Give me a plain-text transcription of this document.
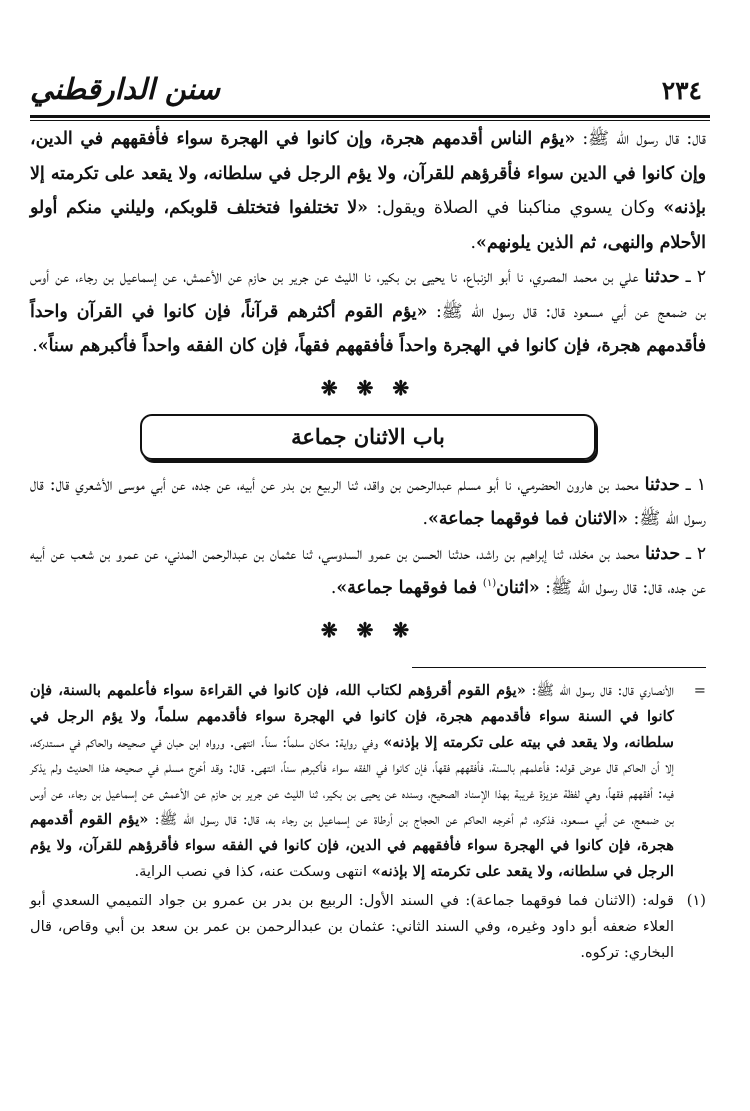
٢٣٤
سنن الدارقطني

قال: قال رسول الله ﷺ: «يؤم الناس أقدمهم هجرة، وإن كانوا في الهجرة سواء فأفقههم في الدين، وإن كانوا في الدين سواء فأقرؤهم للقرآن، ولا يؤم الرجل في سلطانه، ولا يقعد على تكرمته إلا بإذنه» وكان يسوي مناكبنا في الصلاة ويقول: «لا تختلفوا فتختلف قلوبكم، وليلني منكم أولو الأحلام والنهى، ثم الذين يلونهم».

٢ ـ حدثنا علي بن محمد المصري، نا أبو الزنباع، نا يحيى بن بكير، نا الليث عن جرير بن حازم عن الأعمش، عن إسماعيل بن رجاء، عن أوس بن ضمعج عن أبي مسعود قال: قال رسول الله ﷺ: «يؤم القوم أكثرهم قرآناً، فإن كانوا في القرآن واحداً فأقدمهم هجرة، فإن كانوا في الهجرة واحداً فأفقههم فقهاً، فإن كان الفقه واحداً فأكبرهم سناً».

❋ ❋ ❋
باب الاثنان جماعة

١ ـ حدثنا محمد بن هارون الحضرمي، نا أبو مسلم عبدالرحمن بن واقد، ثنا الربيع بن بدر عن أبيه، عن جده، عن أبي موسى الأشعري قال: قال رسول الله ﷺ: «الاثنان فما فوقهما جماعة».

٢ ـ حدثنا محمد بن مخلد، ثنا إبراهيم بن راشد، حدثنا الحسن بن عمرو السدوسي، ثنا عثمان بن عبدالرحمن المدني، عن عمرو بن شعب عن أبيه عن جده، قال: قال رسول الله ﷺ: «اثنان$^{(١)}$ فما فوقهما جماعة».

❋ ❋ ❋

=
الأنصاري قال: قال رسول الله ﷺ: «يؤم القوم أقرؤهم لكتاب الله، فإن كانوا في القراءة سواء فأعلمهم بالسنة، فإن كانوا في السنة سواء فأقدمهم هجرة، فإن كانوا في الهجرة سواء فأقدمهم سلماً، ولا يؤم الرجل في سلطانه، ولا يقعد في بيته على تكرمته إلا بإذنه» وفي رواية: مكان سلماً: سناً. انتهى. ورواه ابن حبان في صحيحه والحاكم في مستدركه، إلا أن الحاكم قال عوض قوله: فأعلمهم بالسنة، فأفقههم فقهاً، فإن كانوا في الفقه سواء فأكبرهم سناً، انتهى. قال: وقد أخرج مسلم في صحيحه هذا الحديث ولم يذكر فيه: أفقههم فقهاً، وهي لفظة عزيزة غريبة بهذا الإسناد الصحيح، وسنده عن يحيى بن بكير، ثنا الليث عن جرير بن حازم عن الأعمش عن إسماعيل بن رجاء، عن أوس بن ضمعج، عن أبي مسعود، فذكره، ثم أخرجه الحاكم عن الحجاج بن أرطاة عن إسماعيل بن رجاء به، قال: قال رسول الله ﷺ: «يؤم القوم أقدمهم هجرة، فإن كانوا في الهجرة سواء فأفقههم في الدين، فإن كانوا في الفقه سواء فأقرؤهم للقرآن، ولا يؤم الرجل في سلطانه، ولا يقعد على تكرمته إلا بإذنه» انتهى وسكت عنه، كذا في نصب الراية.

(١)
قوله: (الاثنان فما فوقهما جماعة): في السند الأول: الربيع بن بدر بن عمرو بن جواد التميمي السعدي أبو العلاء ضعفه أبو داود وغيره، وفي السند الثاني: عثمان بن عبدالرحمن بن عمر بن سعد بن أبي وقاص، قال البخاري: تركوه.
